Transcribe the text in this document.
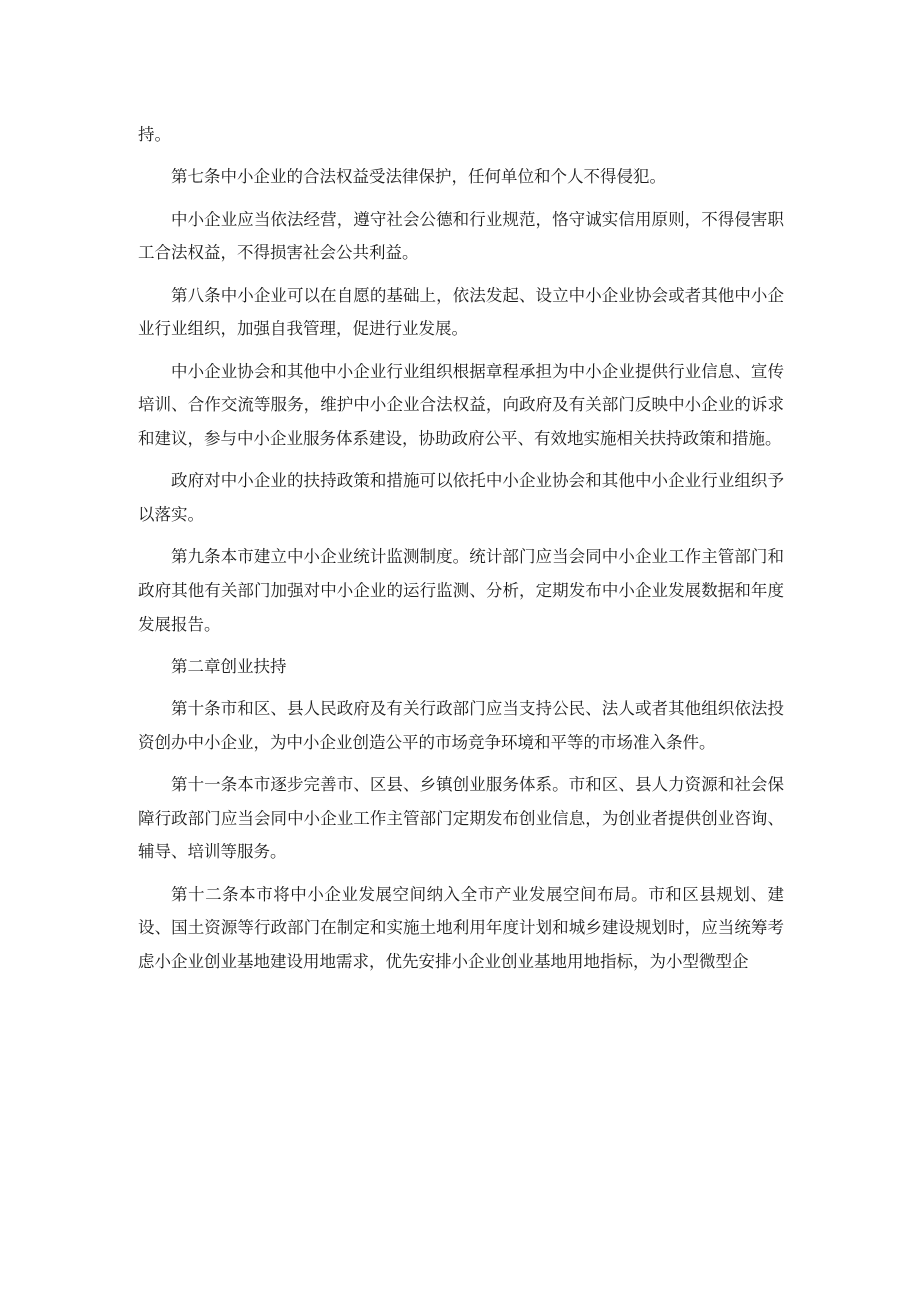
持。

第七条中小企业的合法权益受法律保护，任何单位和个人不得侵犯。

中小企业应当依法经营，遵守社会公德和行业规范，恪守诚实信用原则，不得侵害职工合法权益，不得损害社会公共利益。

第八条中小企业可以在自愿的基础上，依法发起、设立中小企业协会或者其他中小企业行业组织，加强自我管理，促进行业发展。

中小企业协会和其他中小企业行业组织根据章程承担为中小企业提供行业信息、宣传培训、合作交流等服务，维护中小企业合法权益，向政府及有关部门反映中小企业的诉求和建议，参与中小企业服务体系建设，协助政府公平、有效地实施相关扶持政策和措施。

政府对中小企业的扶持政策和措施可以依托中小企业协会和其他中小企业行业组织予以落实。

第九条本市建立中小企业统计监测制度。统计部门应当会同中小企业工作主管部门和政府其他有关部门加强对中小企业的运行监测、分析，定期发布中小企业发展数据和年度发展报告。

第二章创业扶持

第十条市和区、县人民政府及有关行政部门应当支持公民、法人或者其他组织依法投资创办中小企业，为中小企业创造公平的市场竞争环境和平等的市场准入条件。

第十一条本市逐步完善市、区县、乡镇创业服务体系。市和区、县人力资源和社会保障行政部门应当会同中小企业工作主管部门定期发布创业信息，为创业者提供创业咨询、辅导、培训等服务。

第十二条本市将中小企业发展空间纳入全市产业发展空间布局。市和区县规划、建设、国土资源等行政部门在制定和实施土地利用年度计划和城乡建设规划时，应当统筹考虑小企业创业基地建设用地需求，优先安排小企业创业基地用地指标，为小型微型企
